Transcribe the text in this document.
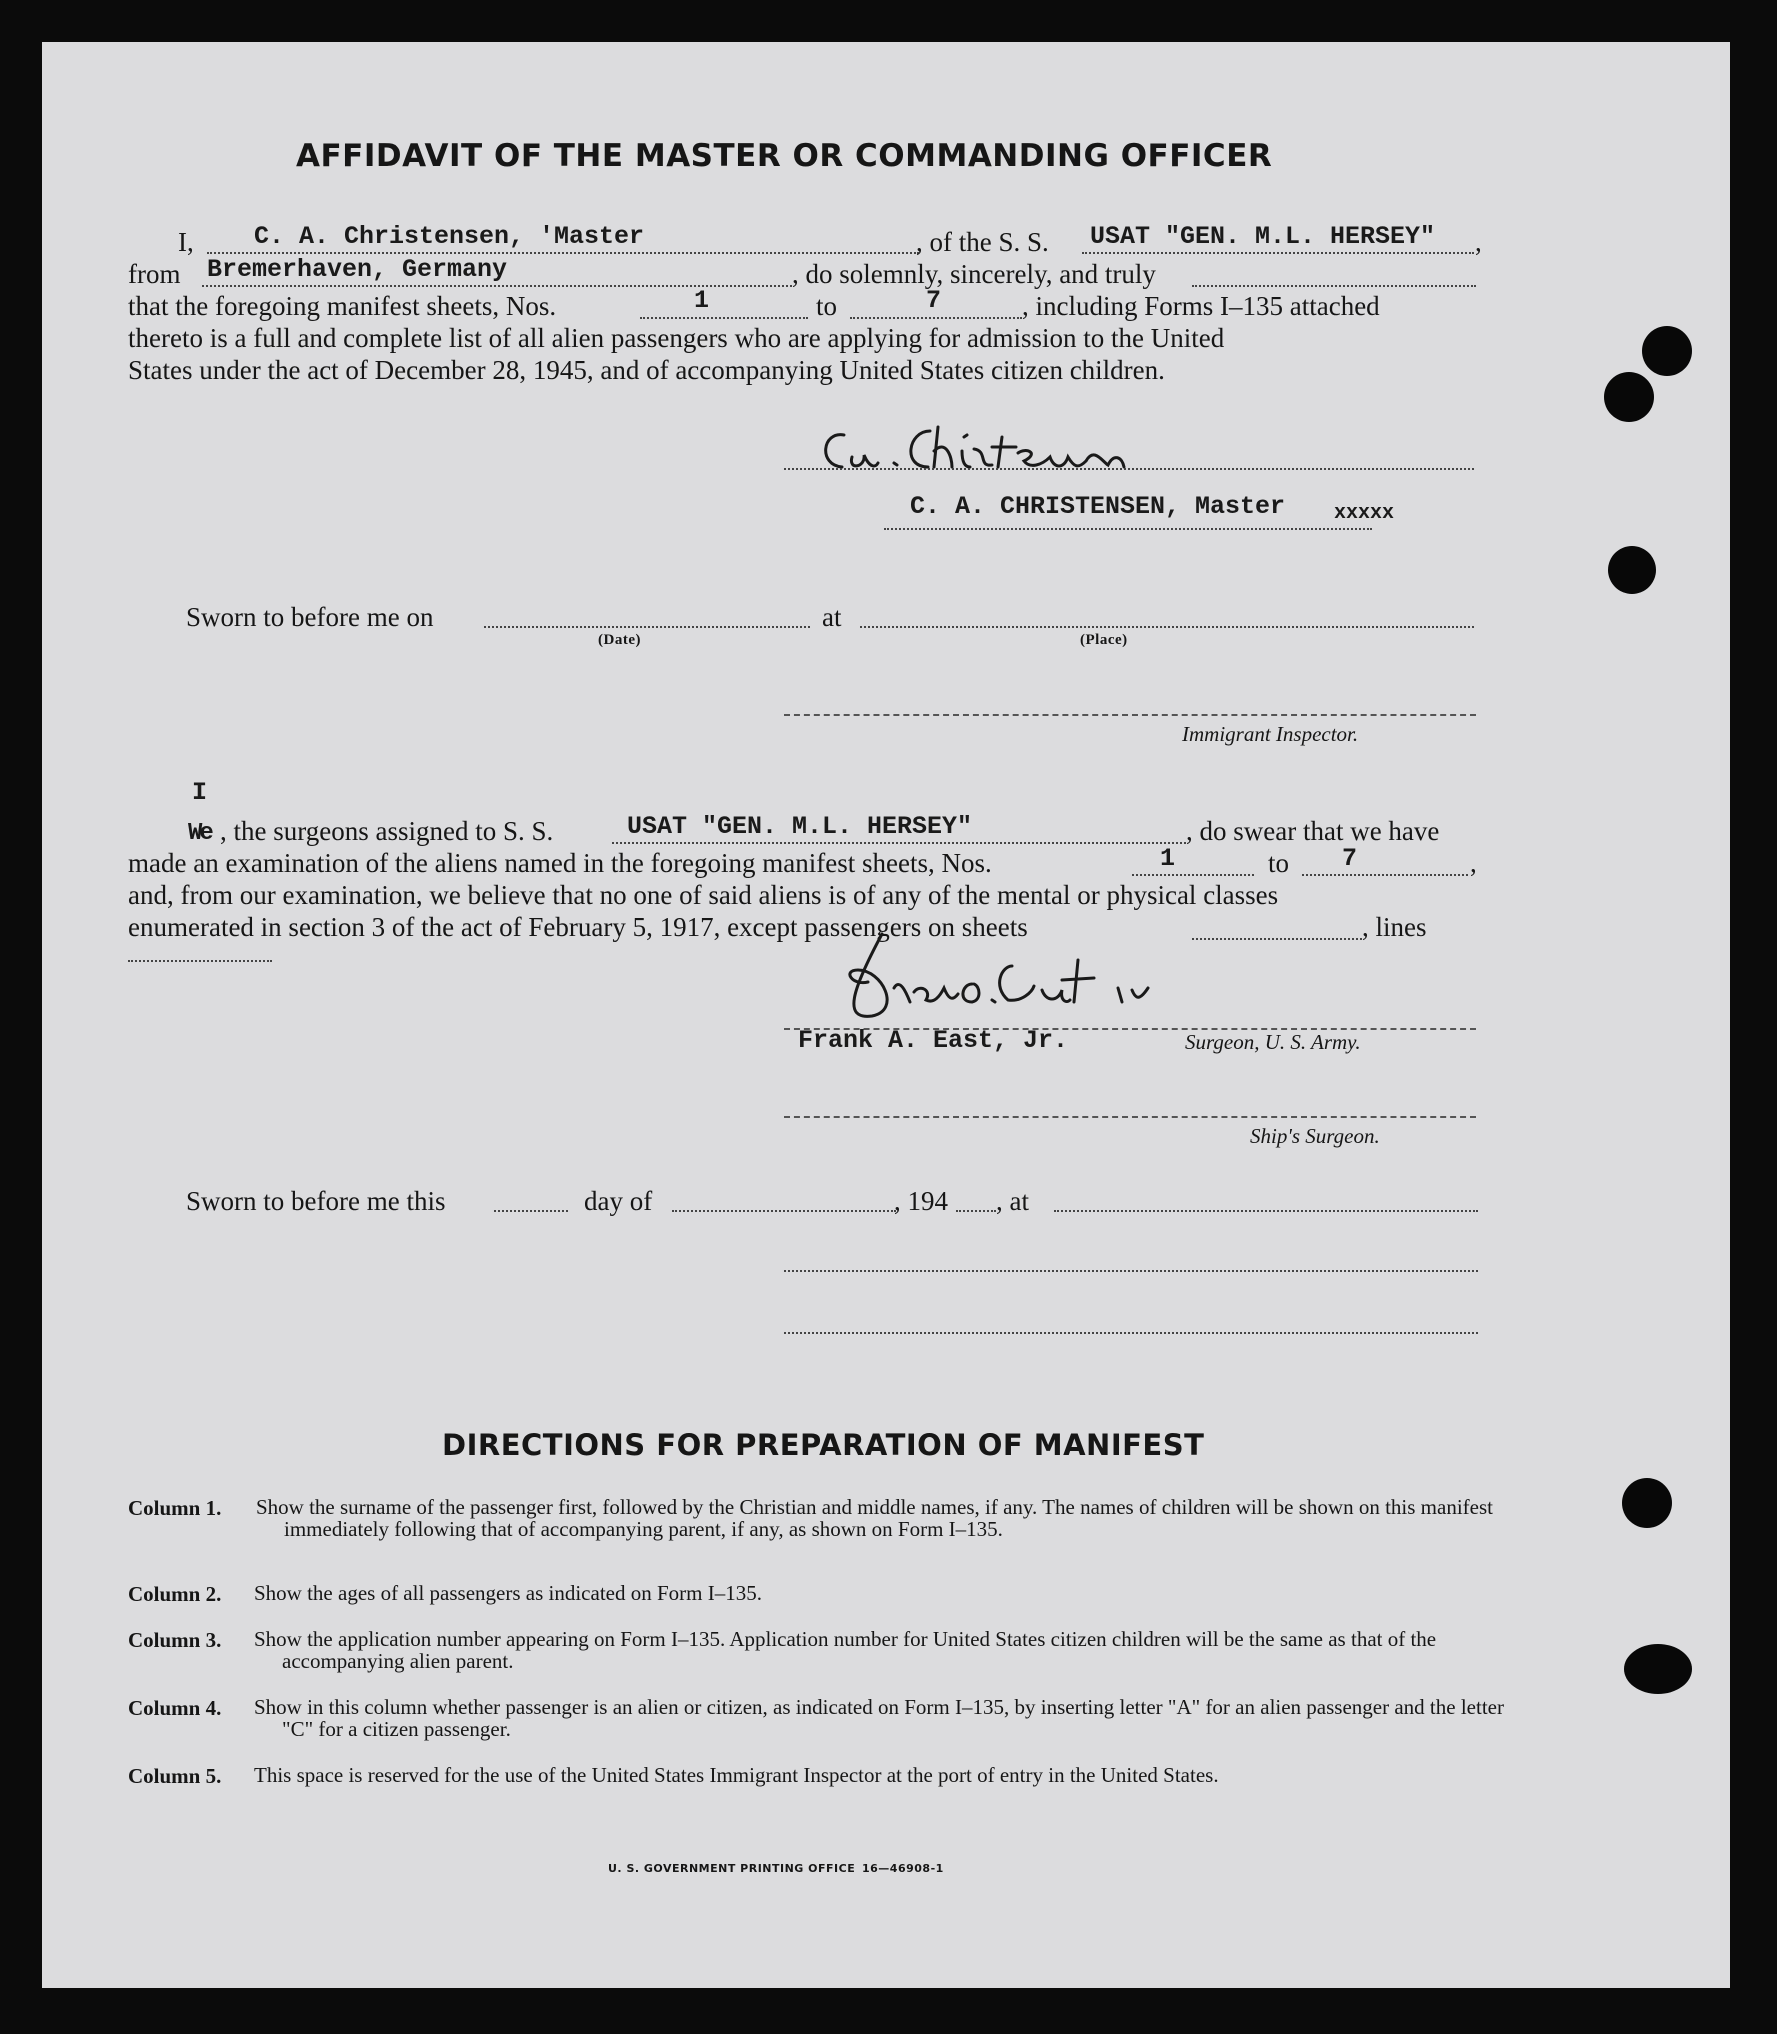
AFFIDAVIT OF THE MASTER OR COMMANDING OFFICER
I, C. A. Christensen, 'Master	, of the S. S. USAT "GEN. M.L. HERSEY" ,
from Bremerhaven, Germany	, do solemnly, sincerely, and truly
that the foregoing manifest sheets, Nos.	1	to	7	, including Forms I–135 attached
thereto is a full and complete list of all alien passengers who are applying for admission to the United
States under the act of December 28, 1945, and of accompanying United States citizen children.
C. A. CHRISTENSEN, Master xxxxx
Sworn to before me on
(Date)
at
(Place)
Immigrant Inspector.
I
We , the surgeons assigned to S. S.	USAT "GEN. M.L. HERSEY"	, do swear that we have
made an examination of the aliens named in the foregoing manifest sheets, Nos.	1	to 7	,
and, from our examination, we believe that no one of said aliens is of any of the mental or physical classes
enumerated in section 3 of the act of February 5, 1917, except passengers on sheets	, lines
Frank A. East, Jr.	Surgeon, U. S. Army.
Ship's Surgeon.
Sworn to before me this	day of	, 194 , at
DIRECTIONS FOR PREPARATION OF MANIFEST
Column 1. Show the surname of the passenger first, followed by the Christian and middle names, if any. The names of children will be shown on this manifest immediately following that of accompanying parent, if any, as shown on Form I–135.
Column 2. Show the ages of all passengers as indicated on Form I–135.
Column 3. Show the application number appearing on Form I–135. Application number for United States citizen children will be the same as that of the accompanying alien parent.
Column 4. Show in this column whether passenger is an alien or citizen, as indicated on Form I–135, by inserting letter "A" for an alien passenger and the letter "C" for a citizen passenger.
Column 5. This space is reserved for the use of the United States Immigrant Inspector at the port of entry in the United States.
U. S. GOVERNMENT PRINTING OFFICE 16—46908-1
